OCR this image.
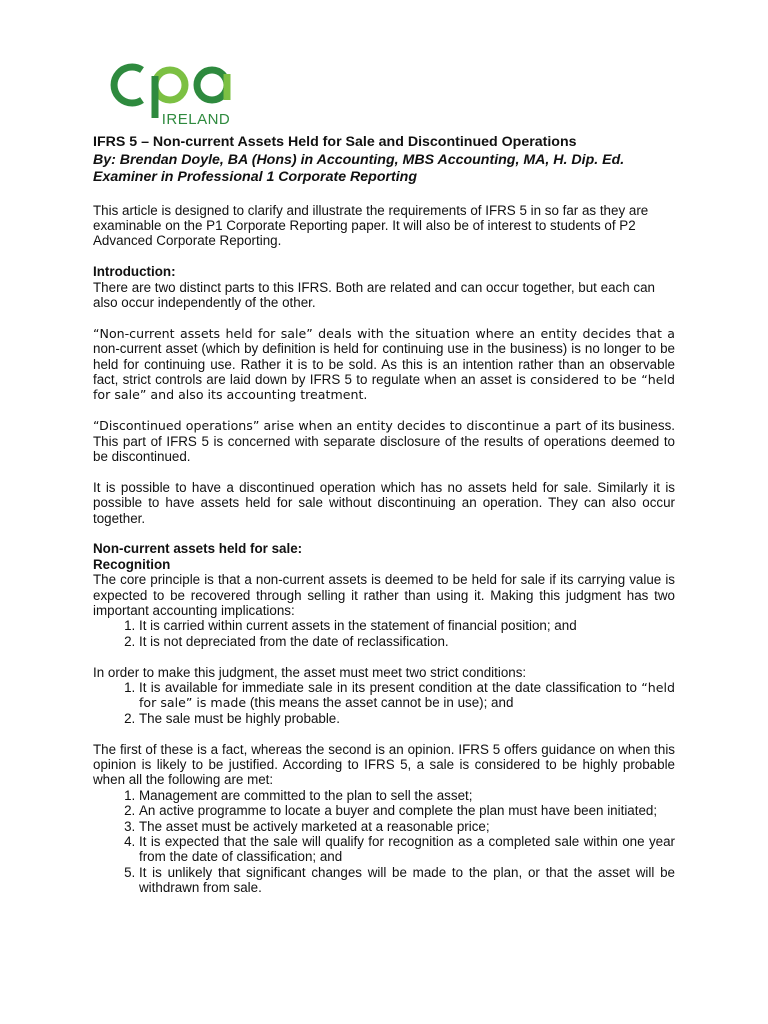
IRELAND
IFRS 5 – Non-current Assets Held for Sale and Discontinued Operations
By: Brendan Doyle, BA (Hons) in Accounting, MBS Accounting, MA, H. Dip. Ed.
Examiner in Professional 1 Corporate Reporting

This article is designed to clarify and illustrate the requirements of IFRS 5 in so far as they are examinable on the P1 Corporate Reporting paper. It will also be of interest to students of P2 Advanced Corporate Reporting.

Introduction:

There are two distinct parts to this IFRS. Both are related and can occur together, but each can also occur independently of the other.

“Non-current assets held for sale” deals with the situation where an entity decides that a non-current asset (which by definition is held for continuing use in the business) is no longer to be held for continuing use. Rather it is to be sold. As this is an intention rather than an observable fact, strict controls are laid down by IFRS 5 to regulate when an asset is considered to be “held for sale” and also its accounting treatment.

“Discontinued operations” arise when an entity decides to discontinue a part of its business. This part of IFRS 5 is concerned with separate disclosure of the results of operations deemed to be discontinued.

It is possible to have a discontinued operation which has no assets held for sale. Similarly it is possible to have assets held for sale without discontinuing an operation. They can also occur together.

Non-current assets held for sale:
Recognition
The core principle is that a non-current assets is deemed to be held for sale if its carrying value is expected to be recovered through selling it rather than using it. Making this judgment has two important accounting implications:
1. It is carried within current assets in the statement of financial position; and
2. It is not depreciated from the date of reclassification.
In order to make this judgment, the asset must meet two strict conditions:
1. It is available for immediate sale in its present condition at the date classification to “held for sale” is made (this means the asset cannot be in use); and
2. The sale must be highly probable.
The first of these is a fact, whereas the second is an opinion. IFRS 5 offers guidance on when this opinion is likely to be justified. According to IFRS 5, a sale is considered to be highly probable when all the following are met:
1. Management are committed to the plan to sell the asset;
2. An active programme to locate a buyer and complete the plan must have been initiated;
3. The asset must be actively marketed at a reasonable price;
4. It is expected that the sale will qualify for recognition as a completed sale within one year from the date of classification; and
5. It is unlikely that significant changes will be made to the plan, or that the asset will be withdrawn from sale.
